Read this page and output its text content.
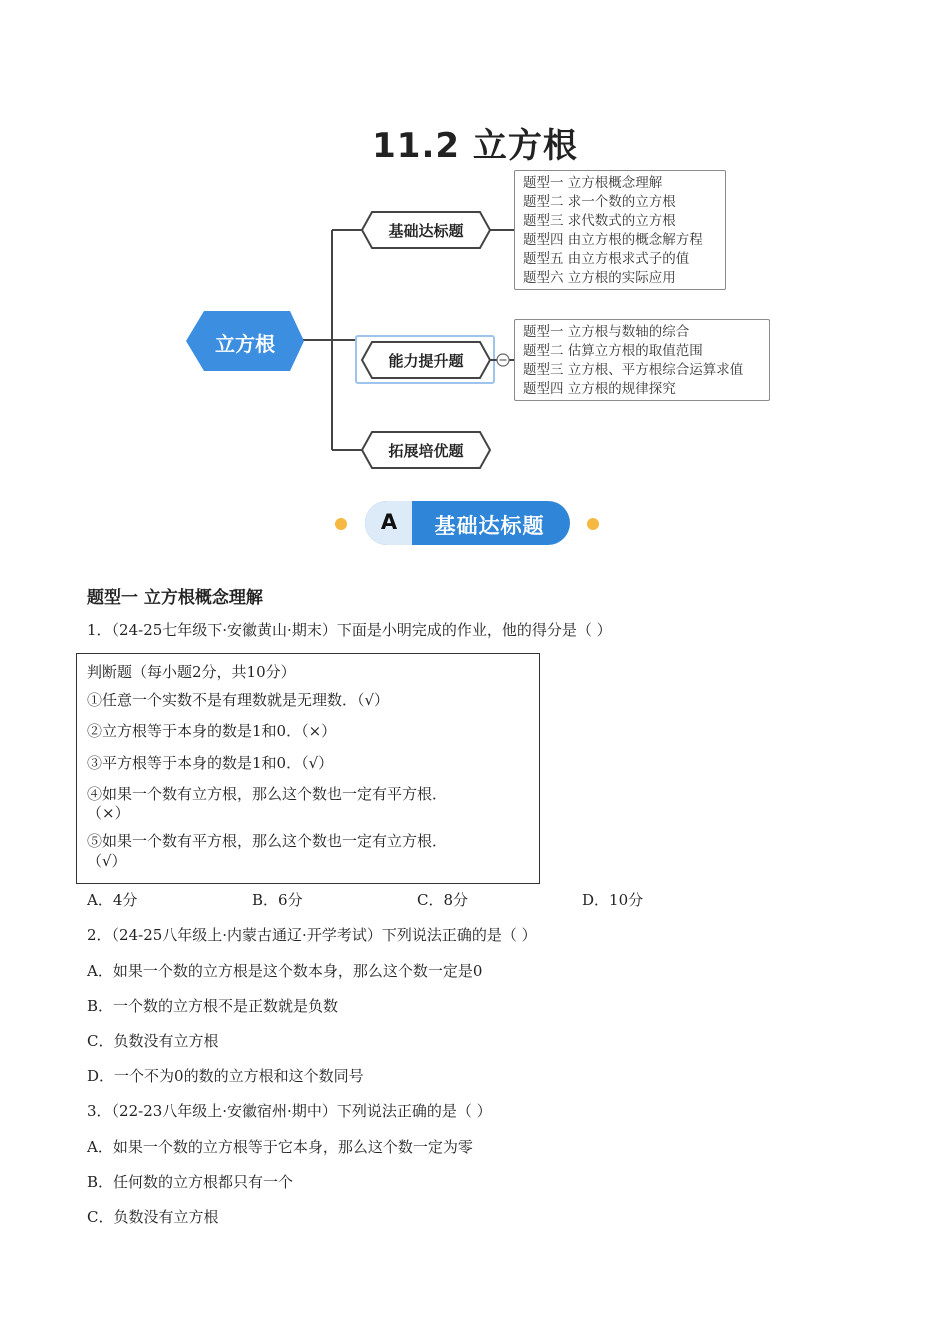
11.2 立方根
立方根
基础达标题
能力提升题
拓展培优题
题型一 立方根概念理解
题型二 求一个数的立方根
题型三 求代数式的立方根
题型四 由立方根的概念解方程
题型五 由立方根求式子的值
题型六 立方根的实际应用
题型一 立方根与数轴的综合
题型二 估算立方根的取值范围
题型三 立方根、平方根综合运算求值
题型四 立方根的规律探究
A	基础达标题
题型一 立方根概念理解
1．（24-25七年级下·安徽黄山·期末）下面是小明完成的作业，他的得分是（ ）
判断题（每小题2分，共10分）
①任意一个实数不是有理数就是无理数．（√）
②立方根等于本身的数是1和0．（×）
③平方根等于本身的数是1和0．（√）
④如果一个数有立方根，那么这个数也一定有平方根．
（×）
⑤如果一个数有平方根，那么这个数也一定有立方根．
（√）
A．4分	B．6分	C．8分	D．10分
2．（24-25八年级上·内蒙古通辽·开学考试）下列说法正确的是（ ）
A．如果一个数的立方根是这个数本身，那么这个数一定是0
B．一个数的立方根不是正数就是负数
C．负数没有立方根
D．一个不为0的数的立方根和这个数同号
3．（22-23八年级上·安徽宿州·期中）下列说法正确的是（ ）
A．如果一个数的立方根等于它本身，那么这个数一定为零
B．任何数的立方根都只有一个
C．负数没有立方根
